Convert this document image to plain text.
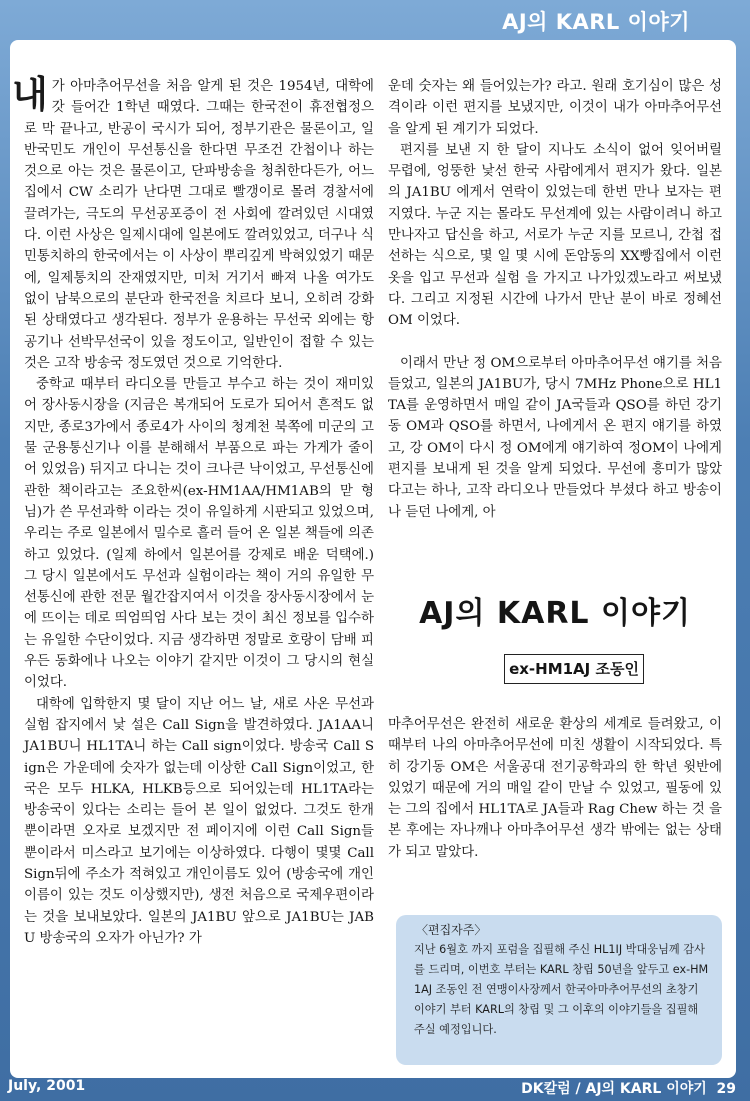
AJ의 KARL 이야기

내가 아마추어무선을 처음 알게 된 것은 1954년, 대학에 갓 들어간 1학년 때였다. 그때는 한국전이 휴전협정으로 막 끝나고, 반공이 국시가 되어, 정부기관은 물론이고, 일반국민도 개인이 무선통신을 한다면 무조건 간첩이나 하는 것으로 아는 것은 물론이고, 단파방송을 청취한다든가, 어느 집에서 CW 소리가 난다면 그대로 빨갱이로 몰려 경찰서에 끌려가는, 극도의 무선공포증이 전 사회에 깔려있던 시대였다. 이런 사상은 일제시대에 일본에도 깔려있었고, 더구나 식민통치하의 한국에서는 이 사상이 뿌리깊게 박혀있었기 때문에, 일제통치의 잔재였지만, 미처 거기서 빠져 나올 여가도 없이 남북으로의 분단과 한국전을 치르다 보니, 오히려 강화된 상태였다고 생각된다. 정부가 운용하는 무선국 외에는 항공기나 선박무선국이 있을 정도이고, 일반인이 접할 수 있는 것은 고작 방송국 정도였던 것으로 기억한다.

중학교 때부터 라디오를 만들고 부수고 하는 것이 재미있어 장사동시장을 (지금은 복개되어 도로가 되어서 흔적도 없지만, 종로3가에서 종로4가 사이의 청계천 북쪽에 미군의 고물 군용통신기나 이를 분해해서 부품으로 파는 가게가 줄이어 있었음) 뒤지고 다니는 것이 크나큰 낙이었고, 무선통신에 관한 책이라고는 조요한씨(ex-HM1AA/HM1AB의 맏 형님)가 쓴 무선과학 이라는 것이 유일하게 시판되고 있었으며, 우리는 주로 일본에서 밀수로 흘러 들어 온 일본 책들에 의존하고 있었다. (일제 하에서 일본어를 강제로 배운 덕택에.) 그 당시 일본에서도 무선과 실험이라는 책이 거의 유일한 무선통신에 관한 전문 월간잡지여서 이것을 장사동시장에서 눈에 뜨이는 데로 띄엄띄엄 사다 보는 것이 최신 정보를 입수하는 유일한 수단이었다. 지금 생각하면 정말로 호랑이 담배 피우든 동화에나 나오는 이야기 같지만 이것이 그 당시의 현실이었다.

대학에 입학한지 몇 달이 지난 어느 날, 새로 사온 무선과 실험 잡지에서 낯 설은 Call Sign을 발견하였다. JA1AA니 JA1BU니 HL1TA니 하는 Call sign이었다. 방송국 Call Sign은 가운데에 숫자가 없는데 이상한 Call Sign이었고, 한국은 모두 HLKA, HLKB등으로 되어있는데 HL1TA라는 방송국이 있다는 소리는 들어 본 일이 없었다. 그것도 한개 뿐이라면 오자로 보겠지만 전 페이지에 이런 Call Sign들 뿐이라서 미스라고 보기에는 이상하였다. 다행이 몇몇 Call Sign뒤에 주소가 적혀있고 개인이름도 있어 (방송국에 개인 이름이 있는 것도 이상했지만), 생전 처음으로 국제우편이라는 것을 보내보았다. 일본의 JA1BU 앞으로 JA1BU는 JABU 방송국의 오자가 아닌가? 가

운데 숫자는 왜 들어있는가? 라고. 원래 호기심이 많은 성격이라 이런 편지를 보냈지만, 이것이 내가 아마추어무선을 알게 된 계기가 되었다.

편지를 보낸 지 한 달이 지나도 소식이 없어 잊어버릴 무렵에, 엉뚱한 낯선 한국 사람에게서 편지가 왔다. 일본의 JA1BU 에게서 연락이 있었는데 한번 만나 보자는 편지였다. 누군 지는 몰라도 무선계에 있는 사람이려니 하고 만나자고 답신을 하고, 서로가 누군 지를 모르니, 간첩 접선하는 식으로, 몇 일 몇 시에 돈암동의 XX빵집에서 이런 옷을 입고 무선과 실험 을 가지고 나가있겠노라고 써보냈다. 그리고 지정된 시간에 나가서 만난 분이 바로 정혜선 OM 이었다.

이래서 만난 정 OM으로부터 아마추어무선 얘기를 처음 들었고, 일본의 JA1BU가, 당시 7MHz Phone으로 HL1TA를 운영하면서 매일 같이 JA국들과 QSO를 하던 강기동 OM과 QSO를 하면서, 나에게서 온 편지 얘기를 하였고, 강 OM이 다시 정 OM에게 얘기하여 정OM이 나에게 편지를 보내게 된 것을 알게 되었다. 무선에 흥미가 많았다고는 하나, 고작 라디오나 만들었다 부셨다 하고 방송이나 듣던 나에게, 아

AJ의 KARL 이야기
ex-HM1AJ 조동인

마추어무선은 완전히 새로운 환상의 세계로 들려왔고, 이때부터 나의 아마추어무선에 미친 생활이 시작되었다. 특히 강기동 OM은 서울공대 전기공학과의 한 학년 윗반에 있었기 때문에 거의 매일 같이 만날 수 있었고, 필동에 있는 그의 집에서 HL1TA로 JA들과 Rag Chew 하는 것 을 본 후에는 자나깨나 아마추어무선 생각 밖에는 없는 상태가 되고 말았다.

〈편집자주〉
지난 6월호 까지 포럼을 집필해 주신 HL1IJ 박대웅님께 감사를 드리며, 이번호 부터는 KARL 창립 50년을 앞두고 ex-HM1AJ 조동인 전 연맹이사장께서 한국아마추어무선의 초창기 이야기 부터 KARL의 창립 및 그 이후의 이야기들을 집필해 주실 예정입니다.
July, 2001	DK칼럼 / AJ의 KARL 이야기 29
